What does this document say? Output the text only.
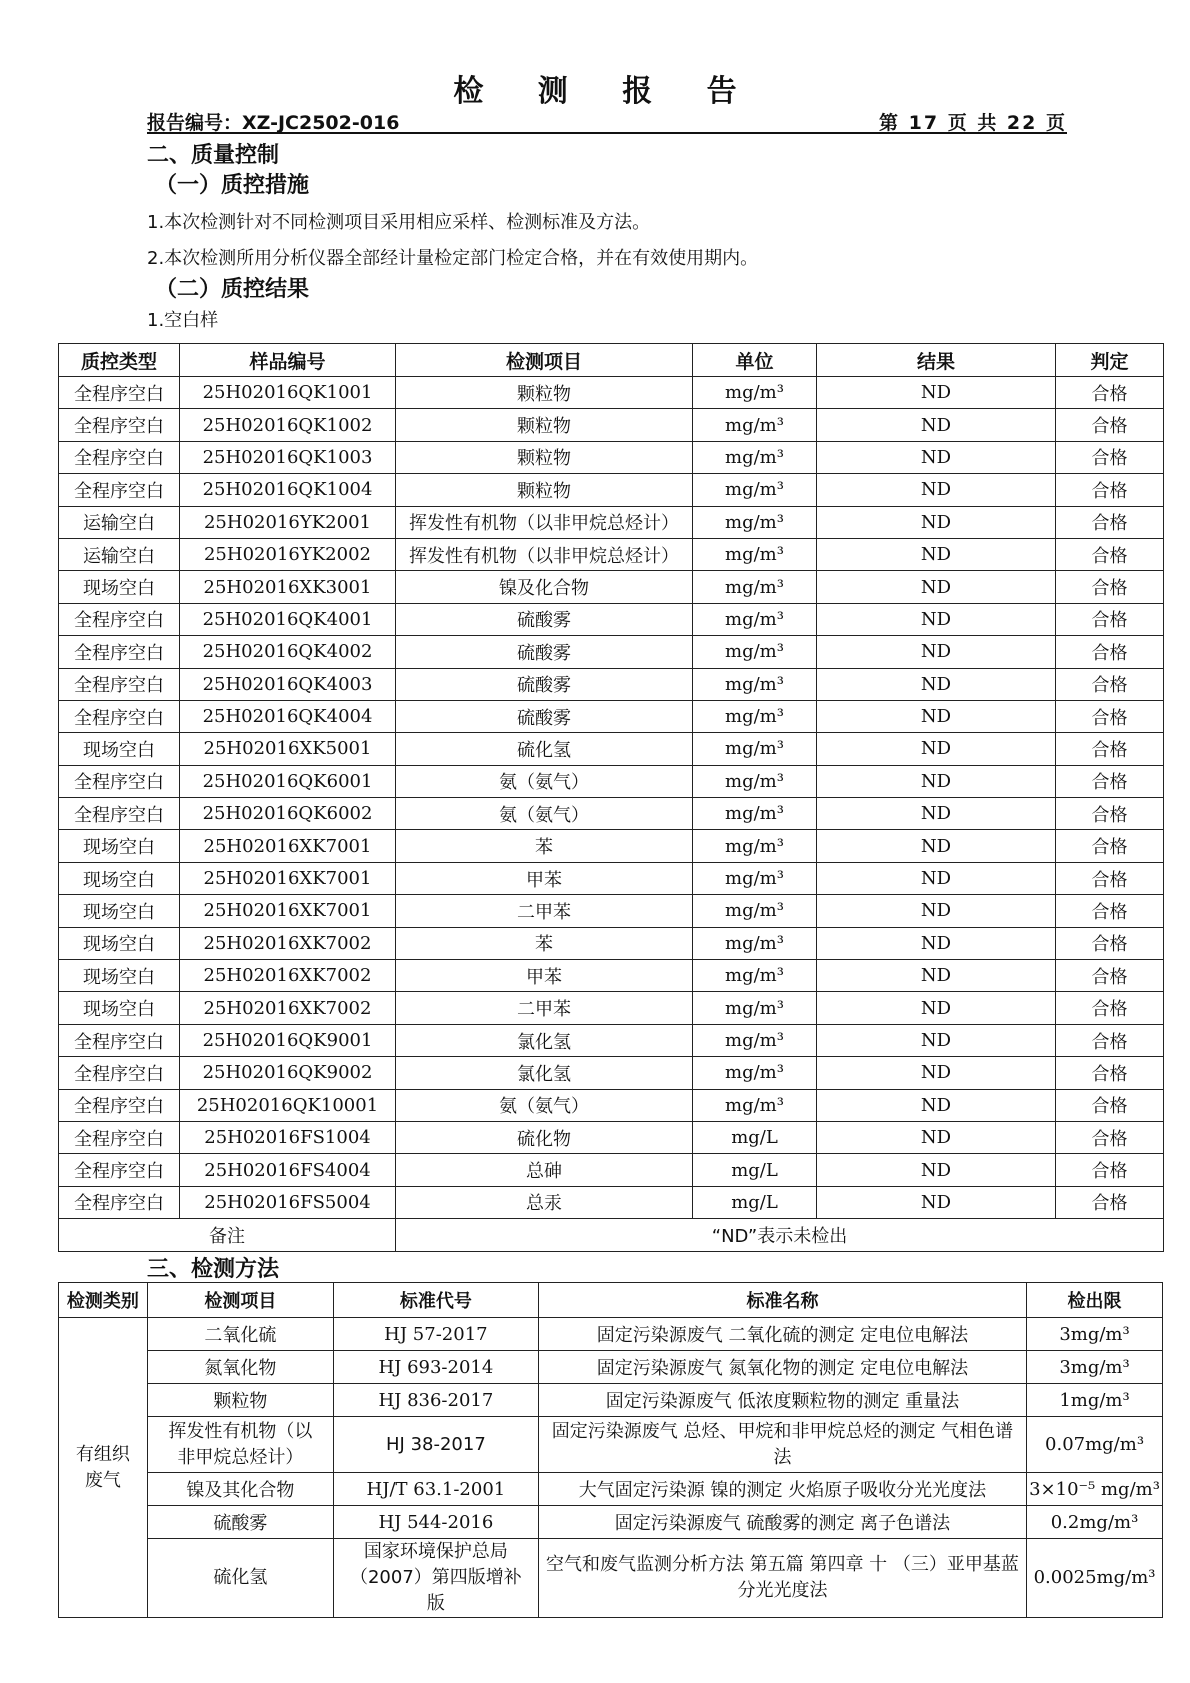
检 测 报 告
报告编号：XZ-JC2502-016	第 17 页 共 22 页
二、质量控制
（一）质控措施
1.本次检测针对不同检测项目采用相应采样、检测标准及方法。
2.本次检测所用分析仪器全部经计量检定部门检定合格，并在有效使用期内。
（二）质控结果
1.空白样
质控类型	样品编号	检测项目	单位	结果	判定
全程序空白	25H02016QK1001	颗粒物	mg/m³	ND	合格
全程序空白	25H02016QK1002	颗粒物	mg/m³	ND	合格
全程序空白	25H02016QK1003	颗粒物	mg/m³	ND	合格
全程序空白	25H02016QK1004	颗粒物	mg/m³	ND	合格
运输空白	25H02016YK2001	挥发性有机物（以非甲烷总烃计）	mg/m³	ND	合格
运输空白	25H02016YK2002	挥发性有机物（以非甲烷总烃计）	mg/m³	ND	合格
现场空白	25H02016XK3001	镍及化合物	mg/m³	ND	合格
全程序空白	25H02016QK4001	硫酸雾	mg/m³	ND	合格
全程序空白	25H02016QK4002	硫酸雾	mg/m³	ND	合格
全程序空白	25H02016QK4003	硫酸雾	mg/m³	ND	合格
全程序空白	25H02016QK4004	硫酸雾	mg/m³	ND	合格
现场空白	25H02016XK5001	硫化氢	mg/m³	ND	合格
全程序空白	25H02016QK6001	氨（氨气）	mg/m³	ND	合格
全程序空白	25H02016QK6002	氨（氨气）	mg/m³	ND	合格
现场空白	25H02016XK7001	苯	mg/m³	ND	合格
现场空白	25H02016XK7001	甲苯	mg/m³	ND	合格
现场空白	25H02016XK7001	二甲苯	mg/m³	ND	合格
现场空白	25H02016XK7002	苯	mg/m³	ND	合格
现场空白	25H02016XK7002	甲苯	mg/m³	ND	合格
现场空白	25H02016XK7002	二甲苯	mg/m³	ND	合格
全程序空白	25H02016QK9001	氯化氢	mg/m³	ND	合格
全程序空白	25H02016QK9002	氯化氢	mg/m³	ND	合格
全程序空白	25H02016QK10001	氨（氨气）	mg/m³	ND	合格
全程序空白	25H02016FS1004	硫化物	mg/L	ND	合格
全程序空白	25H02016FS4004	总砷	mg/L	ND	合格
全程序空白	25H02016FS5004	总汞	mg/L	ND	合格
备注		“ND”表示未检出			
三、检测方法
检测类别	检测项目	标准代号	标准名称	检出限
有组织废气	二氧化硫	HJ 57-2017	固定污染源废气 二氧化硫的测定 定电位电解法	3mg/m³
	氮氧化物	HJ 693-2014	固定污染源废气 氮氧化物的测定 定电位电解法	3mg/m³
	颗粒物	HJ 836-2017	固定污染源废气 低浓度颗粒物的测定 重量法	1mg/m³
	挥发性有机物（以非甲烷总烃计）	HJ 38-2017	固定污染源废气 总烃、甲烷和非甲烷总烃的测定 气相色谱法	0.07mg/m³
	镍及其化合物	HJ/T 63.1-2001	大气固定污染源 镍的测定 火焰原子吸收分光光度法	3×10⁻⁵ mg/m³
	硫酸雾	HJ 544-2016	固定污染源废气 硫酸雾的测定 离子色谱法	0.2mg/m³
	硫化氢	国家环境保护总局（2007）第四版增补版	空气和废气监测分析方法 第五篇 第四章 十 （三）亚甲基蓝分光光度法	0.0025mg/m³
